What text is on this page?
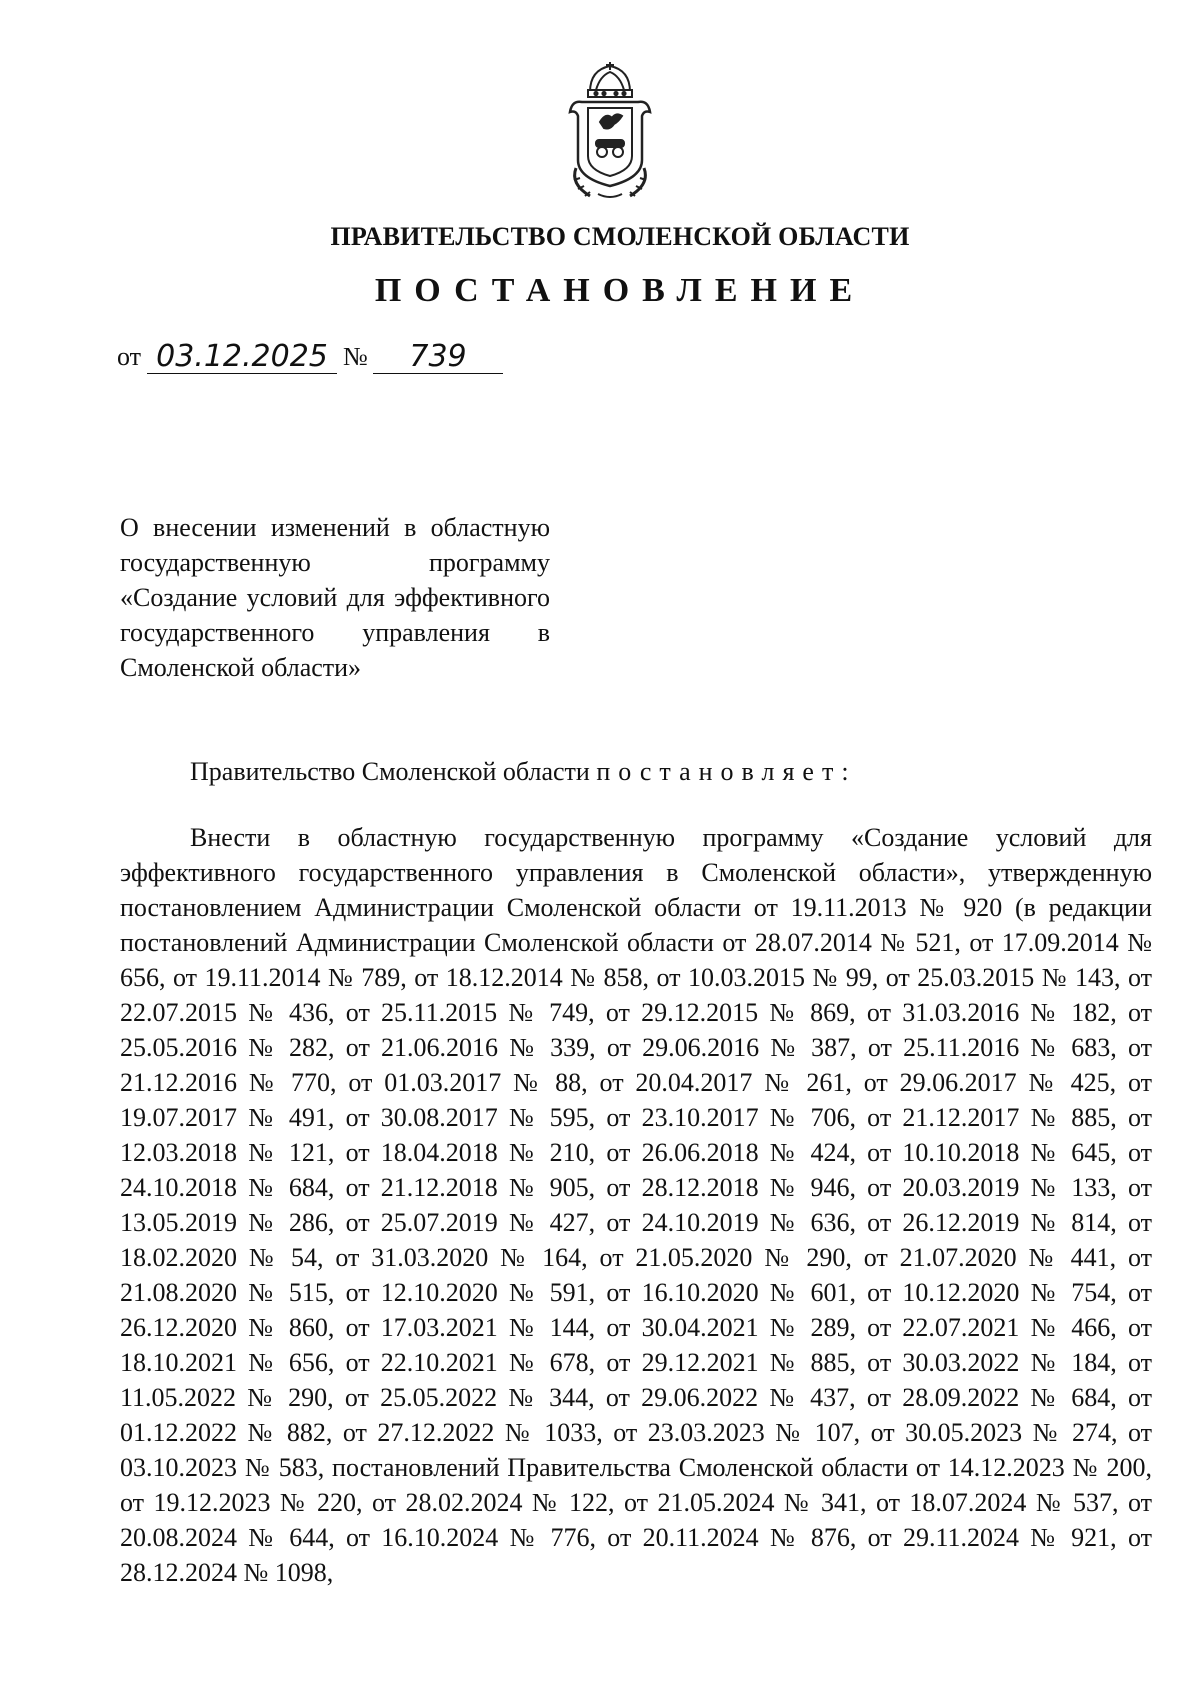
ПРАВИТЕЛЬСТВО СМОЛЕНСКОЙ ОБЛАСТИ
ПОСТАНОВЛЕНИЕ
от 03.12.2025 №	739
О внесении изменений в областную государственную программу «Создание условий для эффективного государственного управления в Смоленской области»
Правительство Смоленской области постановляет:
Внести в областную государственную программу «Создание условий для эффективного государственного управления в Смоленской области», утвержденную постановлением Администрации Смоленской области от 19.11.2013 № 920 (в редакции постановлений Администрации Смоленской области от 28.07.2014 № 521, от 17.09.2014 № 656, от 19.11.2014 № 789, от 18.12.2014 № 858, от 10.03.2015 № 99, от 25.03.2015 № 143, от 22.07.2015 № 436, от 25.11.2015 № 749, от 29.12.2015 № 869, от 31.03.2016 № 182, от 25.05.2016 № 282, от 21.06.2016 № 339, от 29.06.2016 № 387, от 25.11.2016 № 683, от 21.12.2016 № 770, от 01.03.2017 № 88, от 20.04.2017 № 261, от 29.06.2017 № 425, от 19.07.2017 № 491, от 30.08.2017 № 595, от 23.10.2017 № 706, от 21.12.2017 № 885, от 12.03.2018 № 121, от 18.04.2018 № 210, от 26.06.2018 № 424, от 10.10.2018 № 645, от 24.10.2018 № 684, от 21.12.2018 № 905, от 28.12.2018 № 946, от 20.03.2019 № 133, от 13.05.2019 № 286, от 25.07.2019 № 427, от 24.10.2019 № 636, от 26.12.2019 № 814, от 18.02.2020 № 54, от 31.03.2020 № 164, от 21.05.2020 № 290, от 21.07.2020 № 441, от 21.08.2020 № 515, от 12.10.2020 № 591, от 16.10.2020 № 601, от 10.12.2020 № 754, от 26.12.2020 № 860, от 17.03.2021 № 144, от 30.04.2021 № 289, от 22.07.2021 № 466, от 18.10.2021 № 656, от 22.10.2021 № 678, от 29.12.2021 № 885, от 30.03.2022 № 184, от 11.05.2022 № 290, от 25.05.2022 № 344, от 29.06.2022 № 437, от 28.09.2022 № 684, от 01.12.2022 № 882, от 27.12.2022 № 1033, от 23.03.2023 № 107, от 30.05.2023 № 274, от 03.10.2023 № 583, постановлений Правительства Смоленской области от 14.12.2023 № 200, от 19.12.2023 № 220, от 28.02.2024 № 122, от 21.05.2024 № 341, от 18.07.2024 № 537, от 20.08.2024 № 644, от 16.10.2024 № 776, от 20.11.2024 № 876, от 29.11.2024 № 921, от 28.12.2024 № 1098,
